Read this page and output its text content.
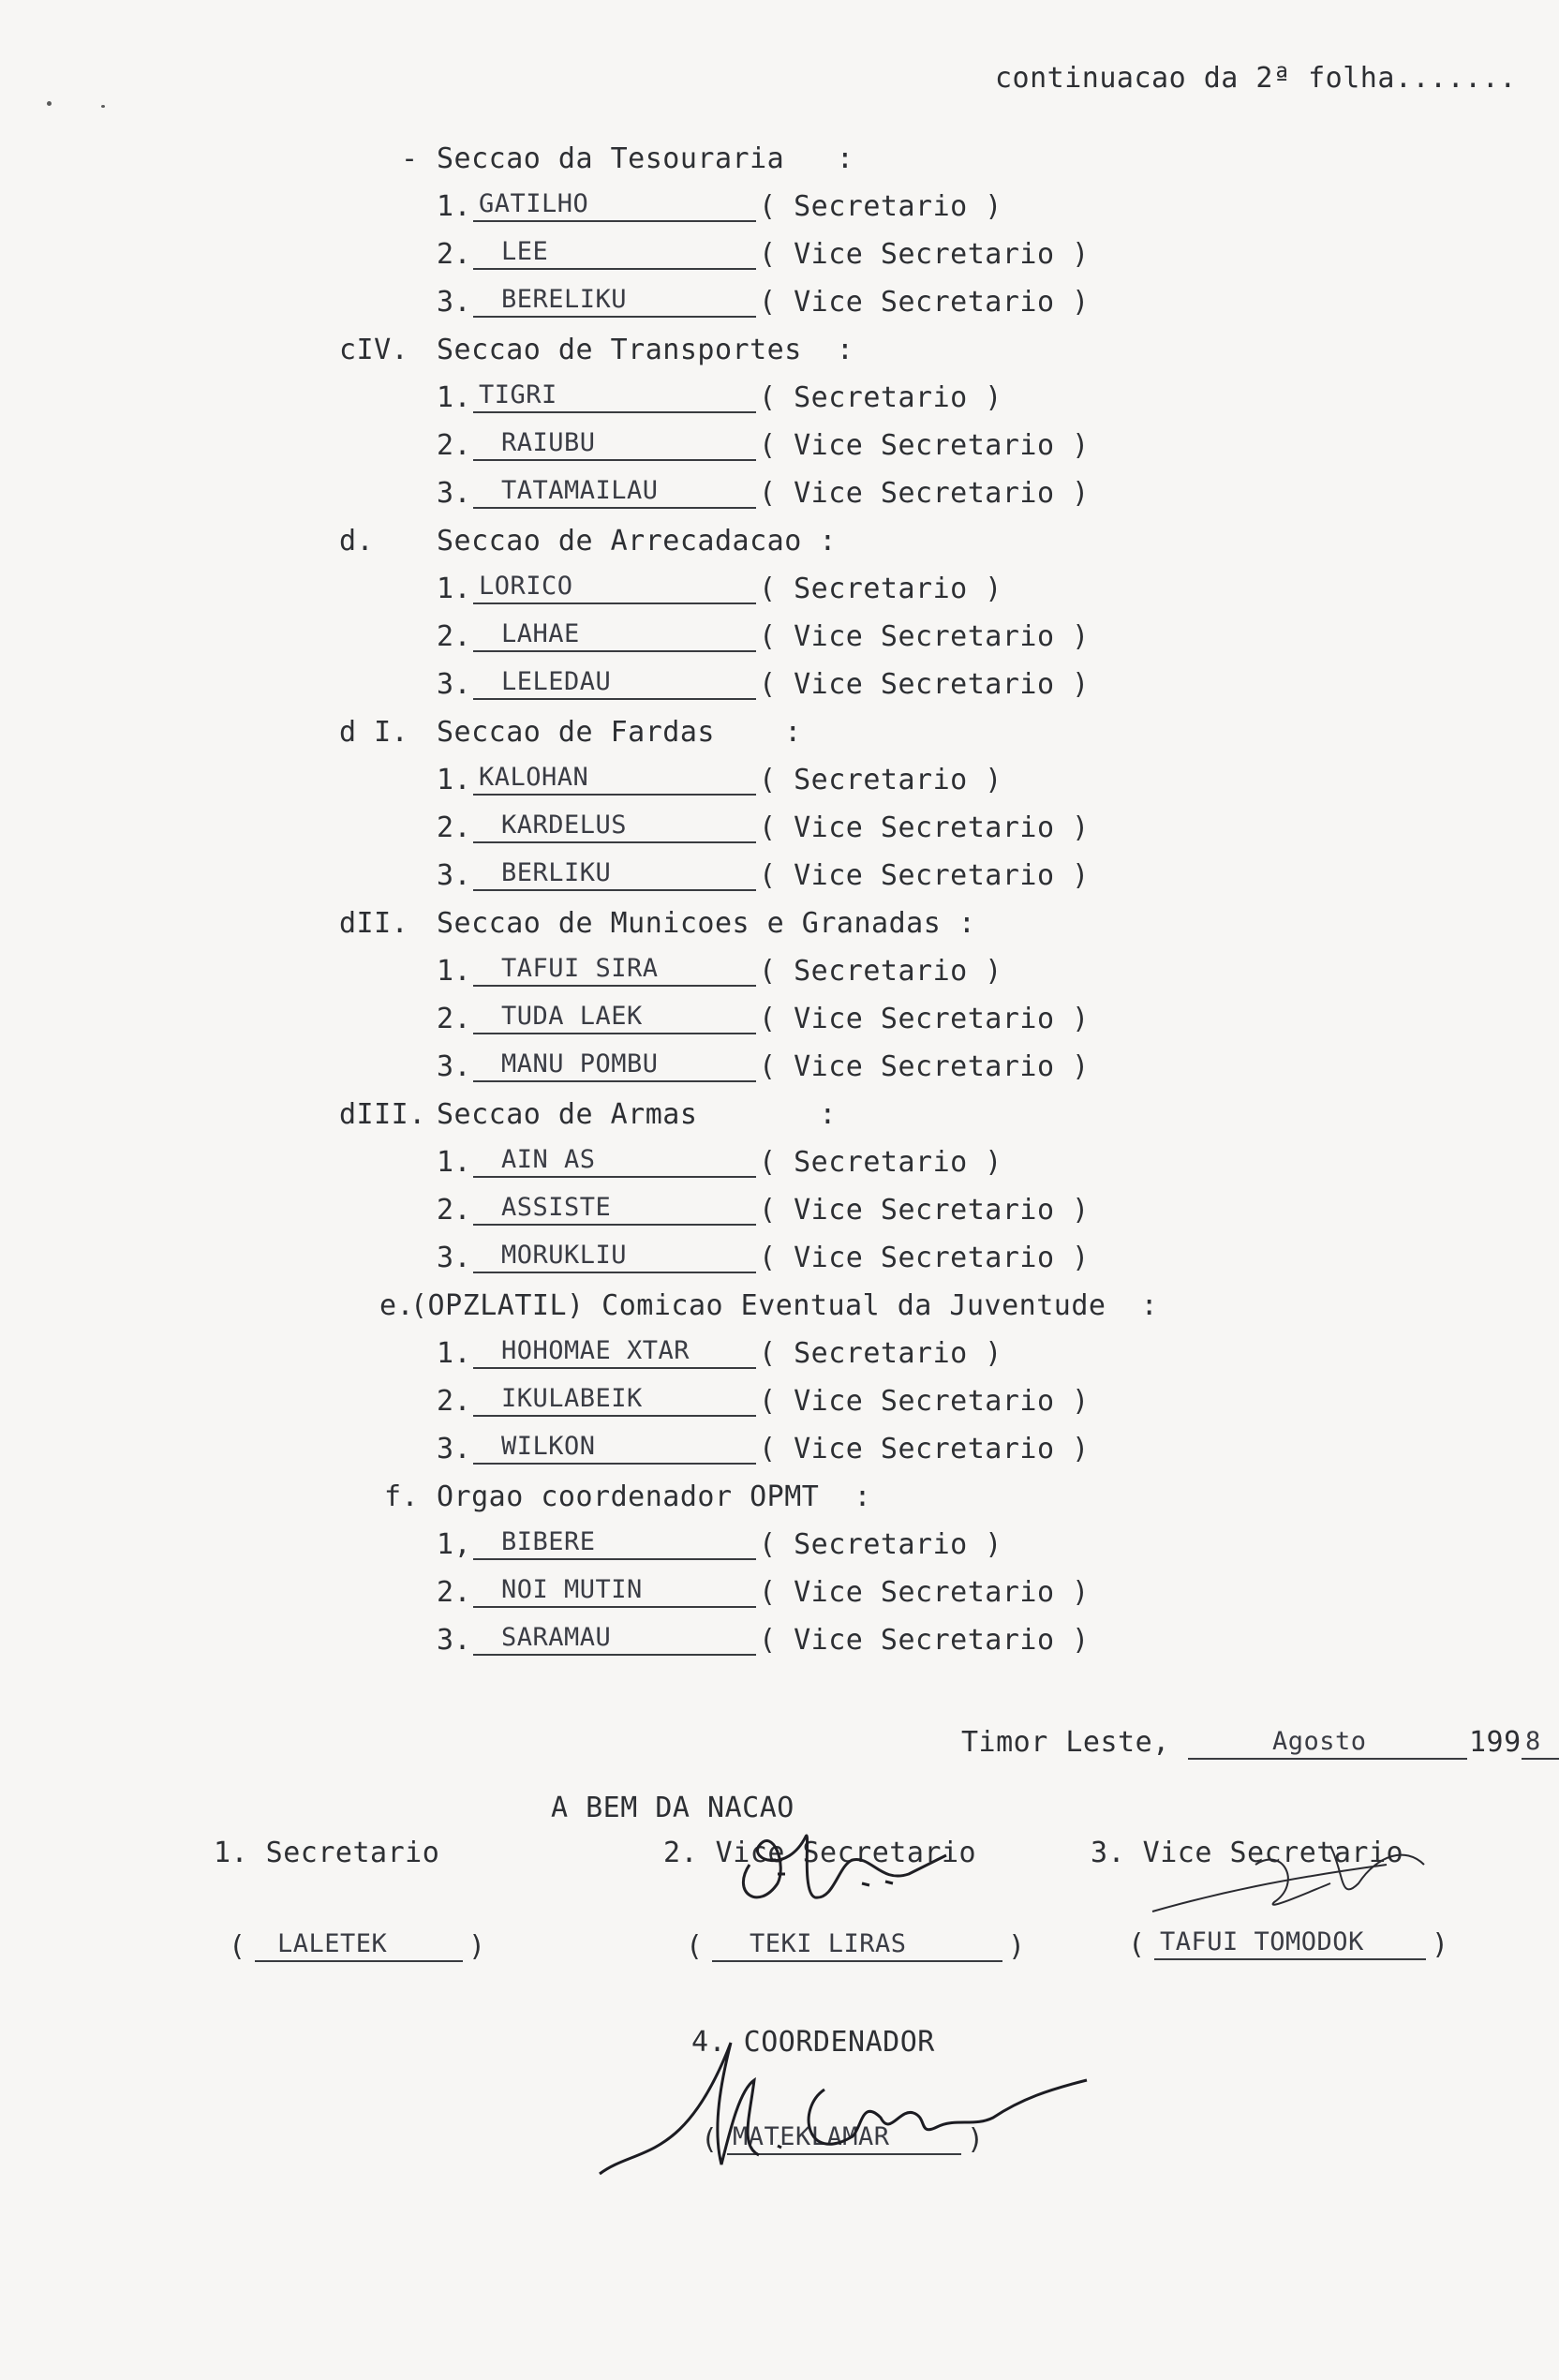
continuacao da 2ª folha.......
- Seccao da Tesouraria   :
1. GATILHO	( Secretario )
2. LEE	( Vice Secretario )
3. BERELIKU	( Vice Secretario )
cIV. Seccao de Transportes  :
1. TIGRI	( Secretario )
2. RAIUBU	( Vice Secretario )
3. TATAMAILAU	( Vice Secretario )
d. Seccao de Arrecadacao :
1. LORICO	( Secretario )
2. LAHAE	( Vice Secretario )
3. LELEDAU	( Vice Secretario )
d I. Seccao de Fardas    :
1. KALOHAN	( Secretario )
2. KARDELUS	( Vice Secretario )
3. BERLIKU	( Vice Secretario )
dII. Seccao de Municoes e Granadas :
1. TAFUI SIRA	( Secretario )
2. TUDA LAEK	( Vice Secretario )
3. MANU POMBU	( Vice Secretario )
dIII. Seccao de Armas       :
1. AIN AS	( Secretario )
2. ASSISTE	( Vice Secretario )
3. MORUKLIU	( Vice Secretario )
e.
(OPZLATIL) Comicao Eventual da Juventude  :
1. HOHOMAE XTAR ( Secretario )
2. IKULABEIK	( Vice Secretario )
3. WILKON	( Vice Secretario )
f. Orgao coordenador OPMT  :
1, BIBERE	( Secretario )
2. NOI MUTIN	( Vice Secretario )
3. SARAMAU	( Vice Secretario )
Timor Leste,	Agosto	199 8
A BEM DA NACAO
1. Secretario
( LALETEK	)
2. Vice Secretario
( TEKI LIRAS	)
3. Vice Secretario
( TAFUI TOMODOK )
4. COORDENADOR
( MATEKLAMAR	)
